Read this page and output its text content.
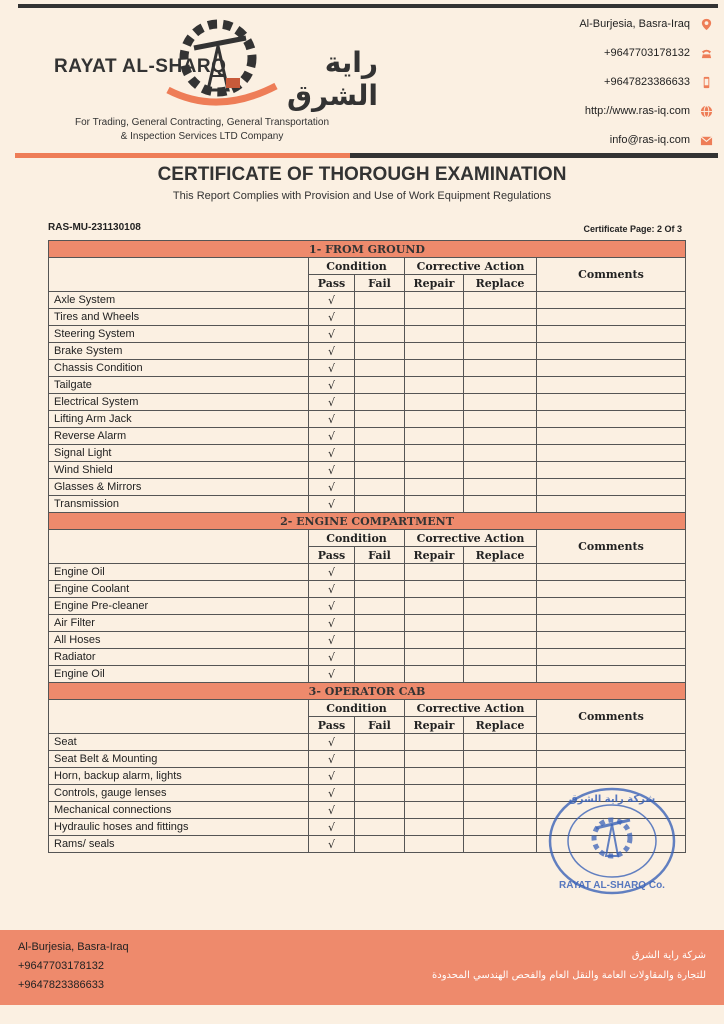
RAYAT AL-SHARQ	راية الشرق
For Trading, General Contracting, General Transportation
& Inspection Services LTD Company
Al-Burjesia, Basra-Iraq
+9647703178132
+9647823386633
http://www.ras-iq.com
info@ras-iq.com
CERTIFICATE OF THOROUGH EXAMINATION
This Report Complies with Provision and Use of Work Equipment Regulations
RAS-MU-231130108	Certificate Page: 2 Of 3
1- FROM GROUND					
	Condition		Corrective Action		Comments
	Pass	Fail	Repair	Replace	
Axle System	√				
Tires and Wheels	√				
Steering System	√				
Brake System	√				
Chassis Condition	√				
Tailgate	√				
Electrical System	√				
Lifting Arm Jack	√				
Reverse Alarm	√				
Signal Light	√				
Wind Shield	√				
Glasses & Mirrors	√				
Transmission	√				
2- ENGINE COMPARTMENT					
	Condition		Corrective Action		Comments
	Pass	Fail	Repair	Replace	
Engine Oil	√				
Engine Coolant	√				
Engine Pre-cleaner	√				
Air Filter	√				
All Hoses	√				
Radiator	√				
Engine Oil	√				
3- OPERATOR CAB					
	Condition		Corrective Action		Comments
	Pass	Fail	Repair	Replace	
Seat	√				
Seat Belt & Mounting	√				
Horn, backup alarm, lights	√				
Controls, gauge lenses	√				
Mechanical connections	√				
Hydraulic hoses and fittings	√				
Rams/ seals	√				
شركة راية الشرق
RAYAT AL-SHARQ Co.
Al-Burjesia, Basra-Iraq
+9647703178132
+9647823386633
شركة راية الشرق
للتجارة والمقاولات العامة والنقل العام والفحص الهندسي المحدودة
